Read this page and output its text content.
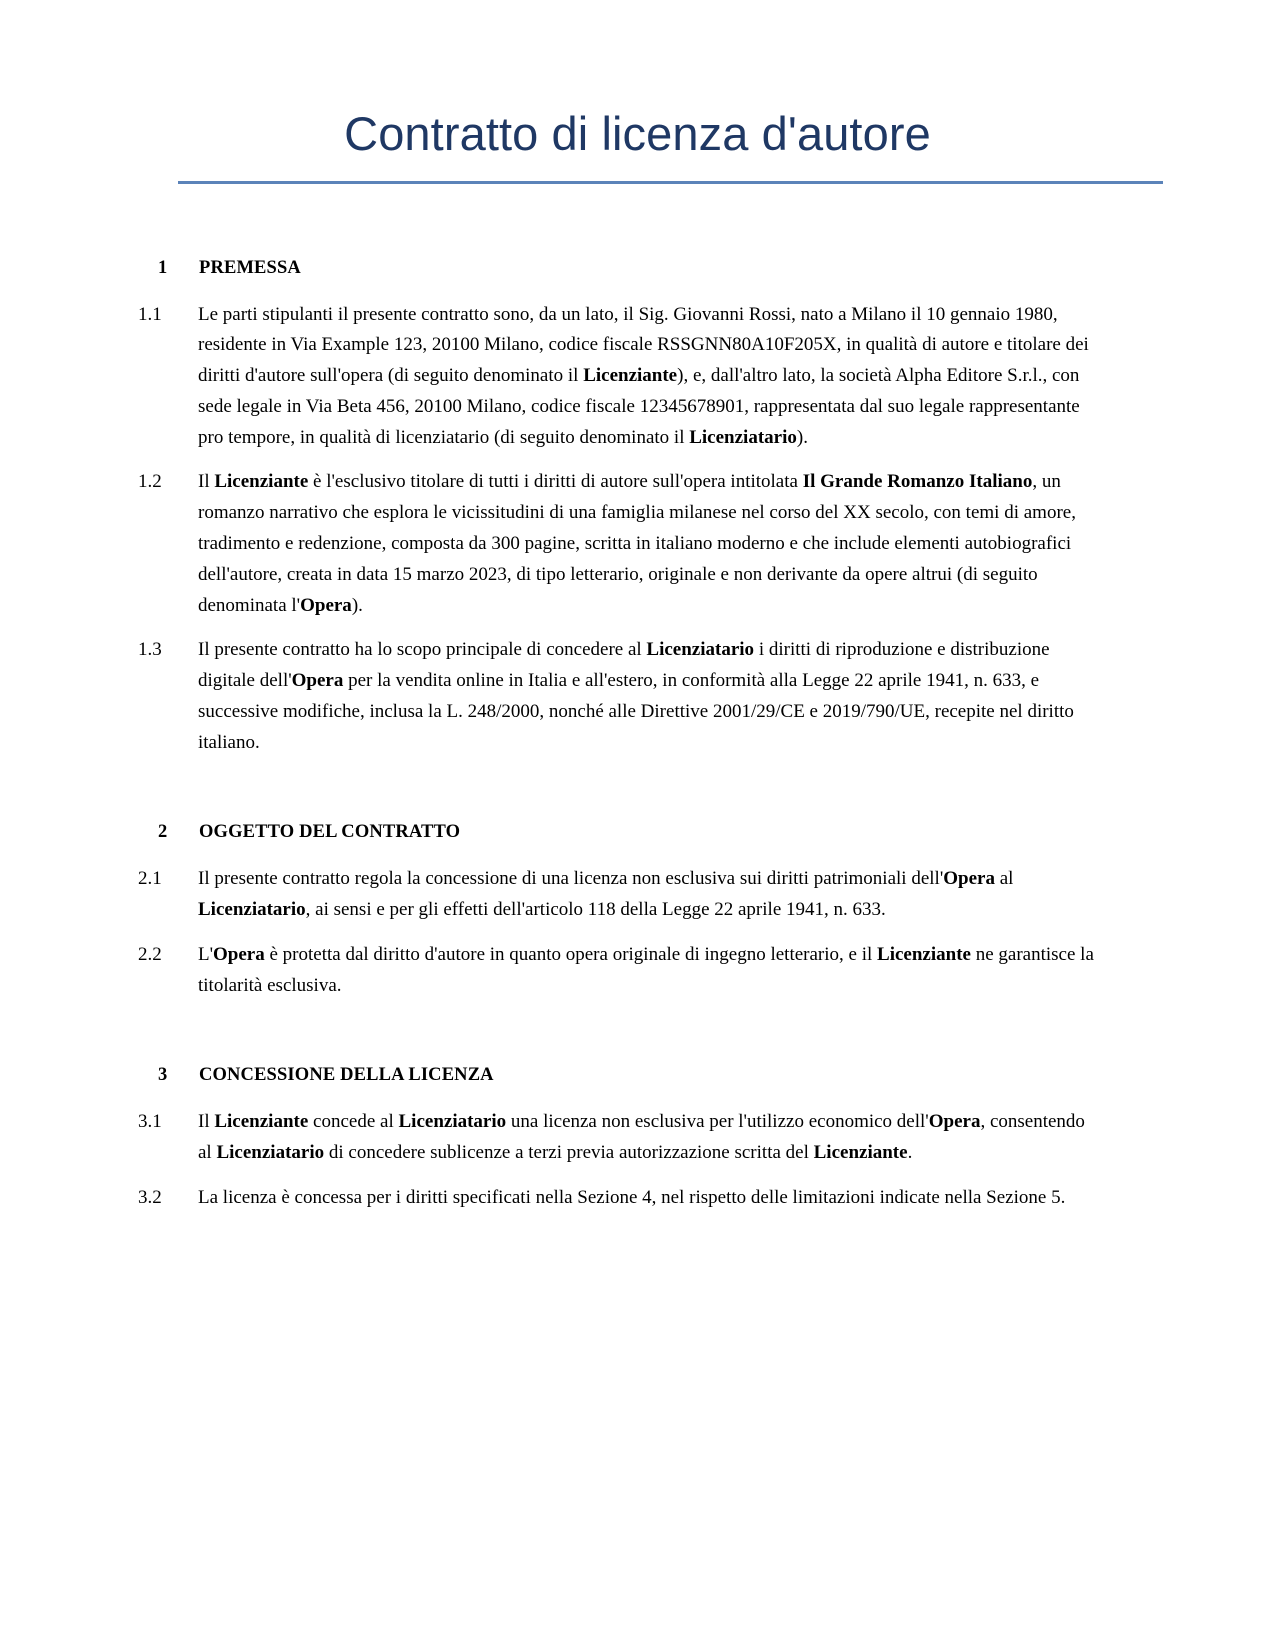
Contratto di licenza d'autore
1	PREMESSA
1.1	Le parti stipulanti il presente contratto sono, da un lato, il Sig. Giovanni Rossi, nato a Milano il 10 gennaio 1980, residente in Via Example 123, 20100 Milano, codice fiscale RSSGNN80A10F205X, in qualità di autore e titolare dei diritti d'autore sull'opera (di seguito denominato il Licenziante), e, dall'altro lato, la società Alpha Editore S.r.l., con sede legale in Via Beta 456, 20100 Milano, codice fiscale 12345678901, rappresentata dal suo legale rappresentante pro tempore, in qualità di licenziatario (di seguito denominato il Licenziatario).
1.2	Il Licenziante è l'esclusivo titolare di tutti i diritti di autore sull'opera intitolata Il Grande Romanzo Italiano, un romanzo narrativo che esplora le vicissitudini di una famiglia milanese nel corso del XX secolo, con temi di amore, tradimento e redenzione, composta da 300 pagine, scritta in italiano moderno e che include elementi autobiografici dell'autore, creata in data 15 marzo 2023, di tipo letterario, originale e non derivante da opere altrui (di seguito denominata l'Opera).
1.3	Il presente contratto ha lo scopo principale di concedere al Licenziatario i diritti di riproduzione e distribuzione digitale dell'Opera per la vendita online in Italia e all'estero, in conformità alla Legge 22 aprile 1941, n. 633, e successive modifiche, inclusa la L. 248/2000, nonché alle Direttive 2001/29/CE e 2019/790/UE, recepite nel diritto italiano.
2	OGGETTO DEL CONTRATTO
2.1	Il presente contratto regola la concessione di una licenza non esclusiva sui diritti patrimoniali dell'Opera al Licenziatario, ai sensi e per gli effetti dell'articolo 118 della Legge 22 aprile 1941, n. 633.
2.2	L'Opera è protetta dal diritto d'autore in quanto opera originale di ingegno letterario, e il Licenziante ne garantisce la titolarità esclusiva.
3	CONCESSIONE DELLA LICENZA
3.1	Il Licenziante concede al Licenziatario una licenza non esclusiva per l'utilizzo economico dell'Opera, consentendo al Licenziatario di concedere sublicenze a terzi previa autorizzazione scritta del Licenziante.
3.2	La licenza è concessa per i diritti specificati nella Sezione 4, nel rispetto delle limitazioni indicate nella Sezione 5.
